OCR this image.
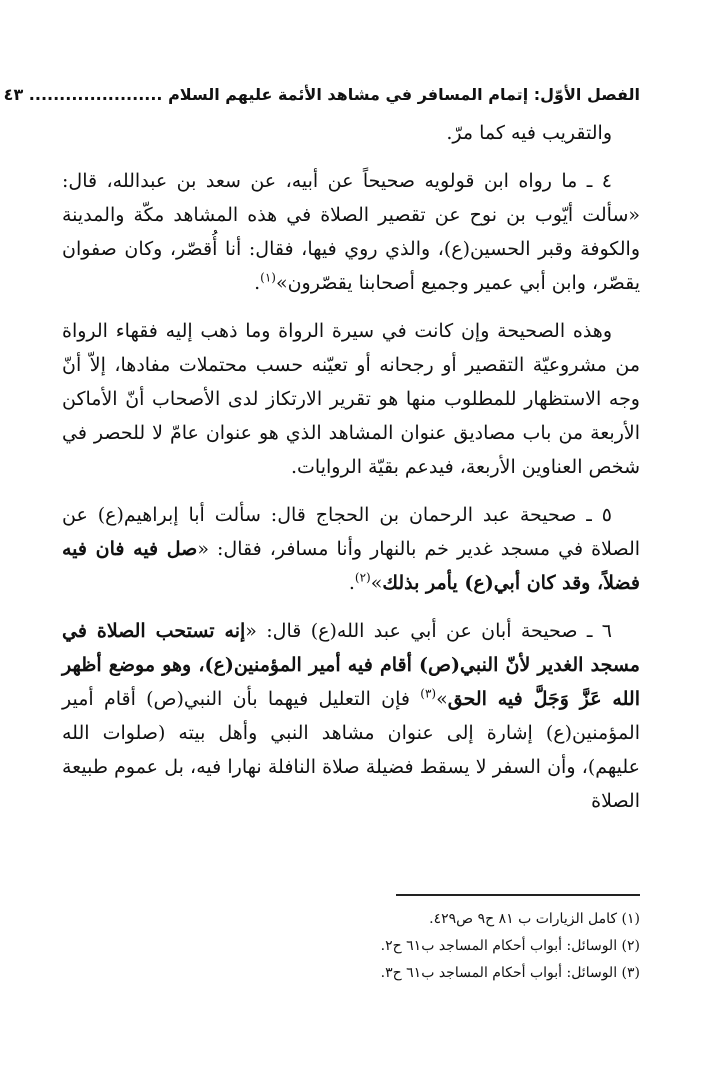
الفصل الأوّل: إتمام المسافر في مشاهد الأئمة عليهم السلام ...................... ٤٣

والتقريب فيه كما مرّ.

٤ ـ ما رواه ابن قولويه صحيحاً عن أبيه، عن سعد بن عبدالله، قال: «سألت أيّوب بن نوح عن تقصير الصلاة في هذه المشاهد مكّة والمدينة والكوفة وقبر الحسين(ع)، والذي روي فيها، فقال: أنا أُقصّر، وكان صفوان يقصّر، وابن أبي عمير وجميع أصحابنا يقصّرون»$^{(١)}$.

وهذه الصحيحة وإن كانت في سيرة الرواة وما ذهب إليه فقهاء الرواة من مشروعيّة التقصير أو رجحانه أو تعيّنه حسب محتملات مفادها، إلاّ أنّ وجه الاستظهار للمطلوب منها هو تقرير الارتكاز لدى الأصحاب أنّ الأماكن الأربعة من باب مصاديق عنوان المشاهد الذي هو عنوان عامّ لا للحصر في شخص العناوين الأربعة، فيدعم بقيّة الروايات.

٥ ـ صحيحة عبد الرحمان بن الحجاج قال: سألت أبا إبراهيم(ع) عن الصلاة في مسجد غدير خم بالنهار وأنا مسافر، فقال: «صل فيه فان فيه فضلاً، وقد كان أبي(ع) يأمر بذلك»$^{(٢)}$.

٦ ـ صحيحة أبان عن أبي عبد الله(ع) قال: «إنه تستحب الصلاة في مسجد الغدير لأنّ النبي(ص) أقام فيه أمير المؤمنين(ع)، وهو موضع أظهر الله عَزَّ وَجَلَّ فيه الحق»$^{(٣)}$ فإن التعليل فيهما بأن النبي(ص) أقام أمير المؤمنين(ع) إشارة إلى عنوان مشاهد النبي وأهل بيته (صلوات الله عليهم)، وأن السفر لا يسقط فضيلة صلاة النافلة نهارا فيه، بل عموم طبيعة الصلاة

(١) كامل الزيارات ب ٨١ ح٩ ص٤٢٩.
(٢) الوسائل: أبواب أحكام المساجد ب٦١ ح٢.
(٣) الوسائل: أبواب أحكام المساجد ب٦١ ح٣.
